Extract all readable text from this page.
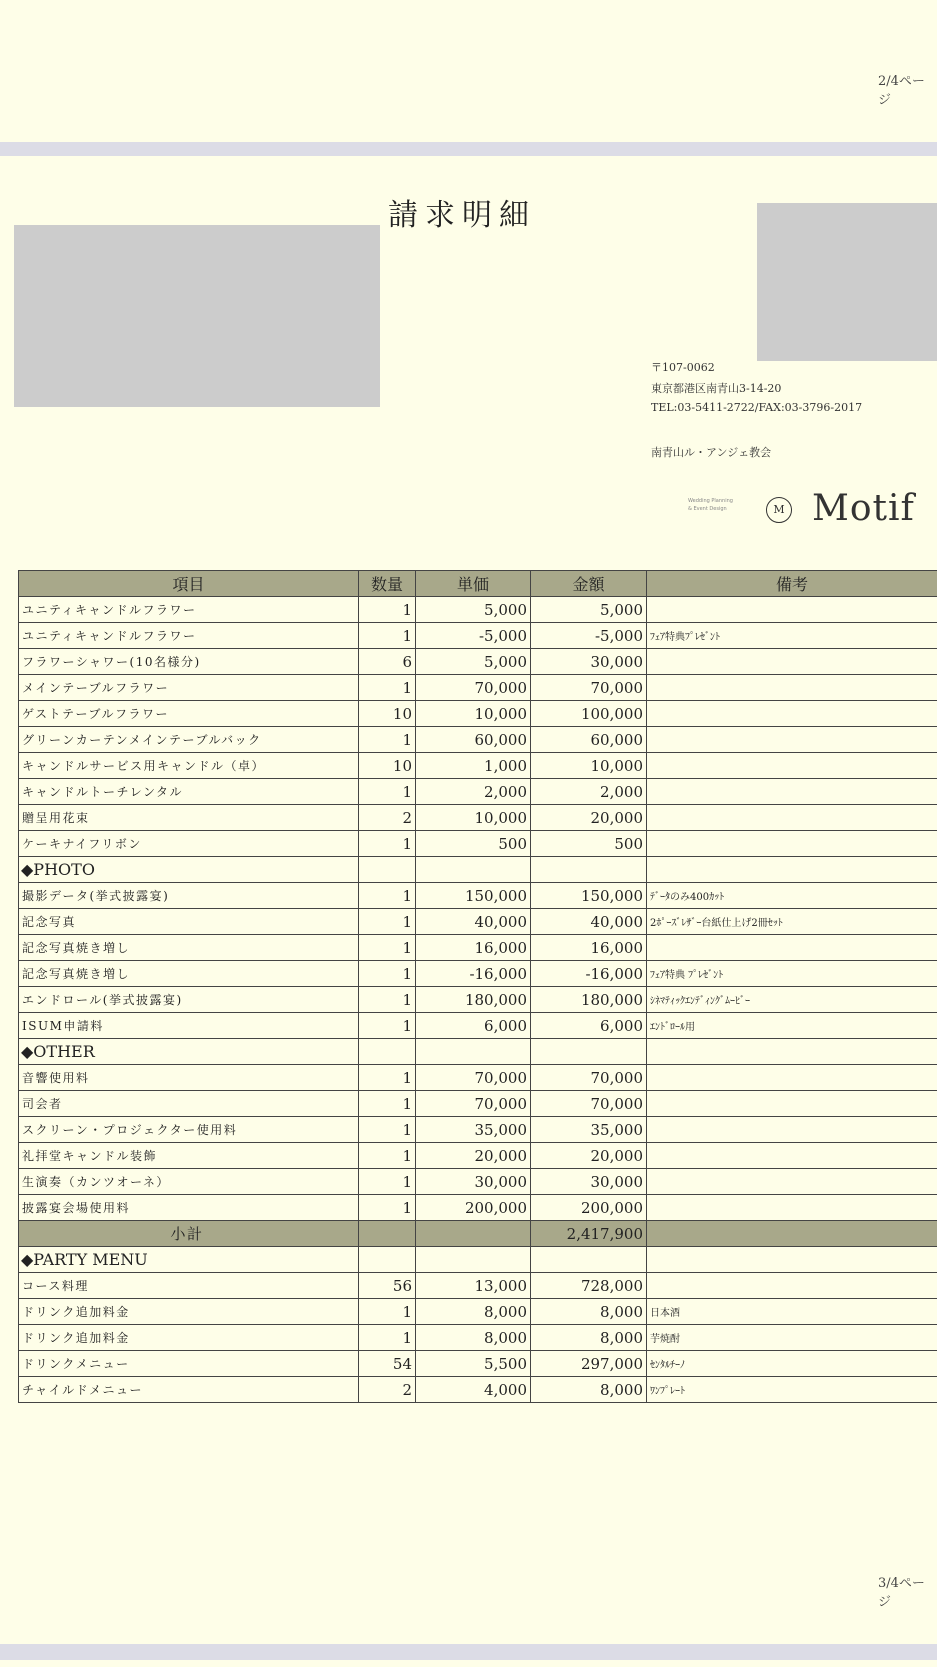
2/4ページ
請求明細
〒107-0062
東京都港区南青山3-14-20
TEL:03-5411-2722/FAX:03-3796-2017
南青山ル・アンジェ教会
Wedding Planning
& Event Design	M Motif
項目	数量	単価	金額	備考
ユニティキャンドルフラワー	1	5,000	5,000	
ユニティキャンドルフラワー	1	-5,000	-5,000	ﾌｪｱ特典ﾌﾟﾚｾﾞﾝﾄ
フラワーシャワー(10名様分)	6	5,000	30,000	
メインテーブルフラワー	1	70,000	70,000	
ゲストテーブルフラワー	10	10,000	100,000	
グリーンカーテンメインテーブルバック	1	60,000	60,000	
キャンドルサービス用キャンドル（卓）	10	1,000	10,000	
キャンドルトーチレンタル	1	2,000	2,000	
贈呈用花束	2	10,000	20,000	
ケーキナイフリボン	1	500	500	
◆PHOTO				
撮影データ(挙式披露宴)	1	150,000	150,000	ﾃﾞｰﾀのみ400ｶｯﾄ
記念写真	1	40,000	40,000	2ﾎﾟｰｽﾞﾚｻﾞｰ台紙仕上げ2冊ｾｯﾄ
記念写真焼き増し	1	16,000	16,000	
記念写真焼き増し	1	-16,000	-16,000	ﾌｪｱ特典 ﾌﾟﾚｾﾞﾝﾄ
エンドロール(挙式披露宴)	1	180,000	180,000	ｼﾈﾏﾃｨｯｸｴﾝﾃﾞｨﾝｸﾞﾑｰﾋﾞｰ
ISUM申請料	1	6,000	6,000	ｴﾝﾄﾞﾛｰﾙ用
◆OTHER				
音響使用料	1	70,000	70,000	
司会者	1	70,000	70,000	
スクリーン・プロジェクター使用料	1	35,000	35,000	
礼拝堂キャンドル装飾	1	20,000	20,000	
生演奏（カンツオーネ）	1	30,000	30,000	
披露宴会場使用料	1	200,000	200,000	
小計			2,417,900	
◆PARTY MENU				
コース料理	56	13,000	728,000	
ドリンク追加料金	1	8,000	8,000	日本酒
ドリンク追加料金	1	8,000	8,000	芋焼酎
ドリンクメニュー	54	5,500	297,000	ｾﾝﾀﾙﾁｰﾉ
チャイルドメニュー	2	4,000	8,000	ﾜﾝﾌﾟﾚｰﾄ
3/4ページ
